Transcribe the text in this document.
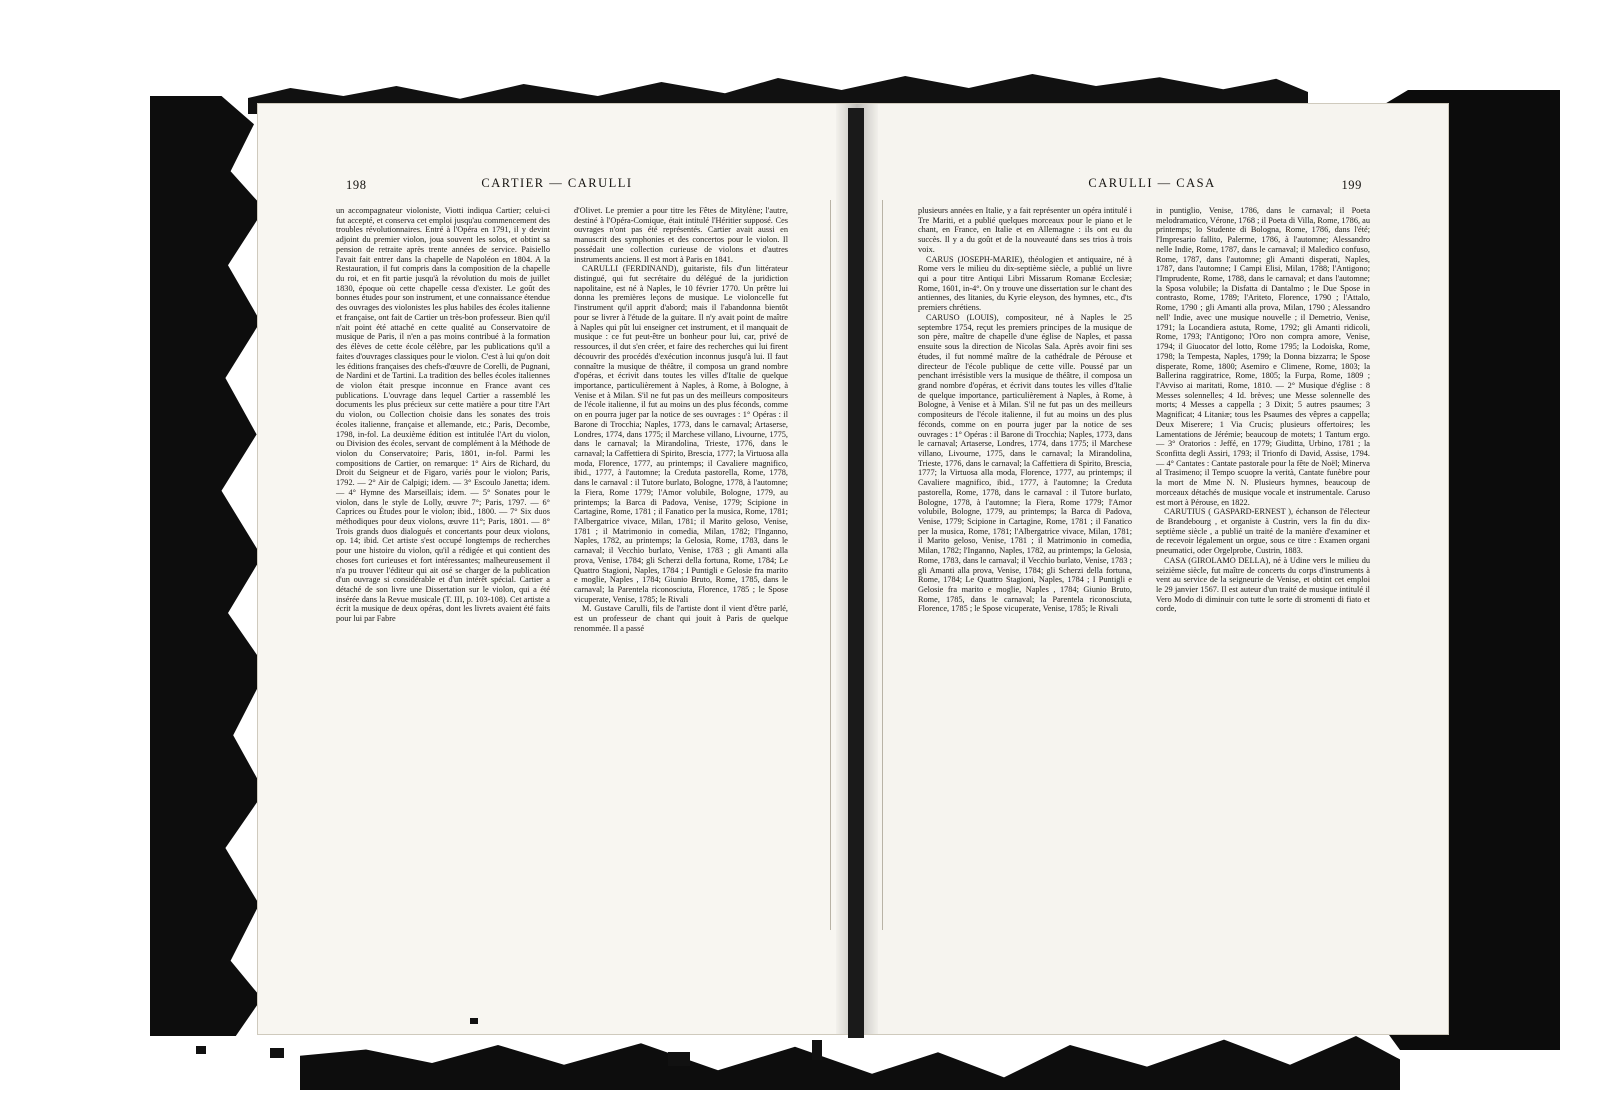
198	CARTIER — CARULLI	199
CARULLI — CASA

un accompagnateur violoniste, Viotti indiqua Cartier; celui-ci fut accepté, et conserva cet emploi jusqu'au commencement des troubles révolutionnaires. Entré à l'Opéra en 1791, il y devint adjoint du premier violon, joua souvent les solos, et obtint sa pension de retraite après trente années de service. Paisiello l'avait fait entrer dans la chapelle de Napoléon en 1804. A la Restauration, il fut compris dans la composition de la chapelle du roi, et en fit partie jusqu'à la révolution du mois de juillet 1830, époque où cette chapelle cessa d'exister. Le goût des bonnes études pour son instrument, et une connaissance étendue des ouvrages des violonistes les plus habiles des écoles italienne et française, ont fait de Cartier un très-bon professeur. Bien qu'il n'ait point été attaché en cette qualité au Conservatoire de musique de Paris, il n'en a pas moins contribué à la formation des élèves de cette école célèbre, par les publications qu'il a faites d'ouvrages classiques pour le violon. C'est à lui qu'on doit les éditions françaises des chefs-d'œuvre de Corelli, de Pugnani, de Nardini et de Tartini. La tradition des belles écoles italiennes de violon était presque inconnue en France avant ces publications. L'ouvrage dans lequel Cartier a rassemblé les documents les plus précieux sur cette matière a pour titre l'Art du violon, ou Collection choisie dans les sonates des trois écoles italienne, française et allemande, etc.; Paris, Decombe, 1798, in-fol. La deuxième édition est intitulée l'Art du violon, ou Division des écoles, servant de complément à la Méthode de violon du Conservatoire; Paris, 1801, in-fol. Parmi les compositions de Cartier, on remarque: 1° Airs de Richard, du Droit du Seigneur et de Figaro, variés pour le violon; Paris, 1792. — 2° Air de Calpigi; idem. — 3° Escoulo Janetta; idem. — 4° Hymne des Marseillais; idem. — 5° Sonates pour le violon, dans le style de Lolly, œuvre 7°; Paris, 1797. — 6° Caprices ou Études pour le violon; ibid., 1800. — 7° Six duos méthodiques pour deux violons, œuvre 11°; Paris, 1801. — 8° Trois grands duos dialogués et concertants pour deux violons, op. 14; ibid. Cet artiste s'est occupé longtemps de recherches pour une histoire du violon, qu'il a rédigée et qui contient des choses fort curieuses et fort intéressantes; malheureusement il n'a pu trouver l'éditeur qui ait osé se charger de la publication d'un ouvrage si considérable et d'un intérêt spécial. Cartier a détaché de son livre une Dissertation sur le violon, qui a été insérée dans la Revue musicale (T. III, p. 103-108). Cet artiste a écrit la musique de deux opéras, dont les livrets avaient été faits pour lui par Fabre

d'Olivet. Le premier a pour titre les Fêtes de Mitylène; l'autre, destiné à l'Opéra-Comique, était intitulé l'Héritier supposé. Ces ouvrages n'ont pas été représentés. Cartier avait aussi en manuscrit des symphonies et des concertos pour le violon. Il possédait une collection curieuse de violons et d'autres instruments anciens. Il est mort à Paris en 1841.

CARULLI (FERDINAND), guitariste, fils d'un littérateur distingué, qui fut secrétaire du délégué de la juridiction napolitaine, est né à Naples, le 10 février 1770. Un prêtre lui donna les premières leçons de musique. Le violoncelle fut l'instrument qu'il apprit d'abord; mais il l'abandonna bientôt pour se livrer à l'étude de la guitare. Il n'y avait point de maître à Naples qui pût lui enseigner cet instrument, et il manquait de musique : ce fut peut-être un bonheur pour lui, car, privé de ressources, il dut s'en créer, et faire des recherches qui lui firent découvrir des procédés d'exécution inconnus jusqu'à lui. Il faut connaître la musique de théâtre, il composa un grand nombre d'opéras, et écrivit dans toutes les villes d'Italie de quelque importance, particulièrement à Naples, à Rome, à Bologne, à Venise et à Milan. S'il ne fut pas un des meilleurs compositeurs de l'école italienne, il fut au moins un des plus féconds, comme on en pourra juger par la notice de ses ouvrages : 1° Opéras : il Barone di Trocchia; Naples, 1773, dans le carnaval; Artaserse, Londres, 1774, dans 1775; il Marchese villano, Livourne, 1775, dans le carnaval; la Mirandolina, Trieste, 1776, dans le carnaval; la Caffettiera di Spirito, Brescia, 1777; la Virtuosa alla moda, Florence, 1777, au printemps; il Cavaliere magnifico, ibid., 1777, à l'automne; la Creduta pastorella, Rome, 1778, dans le carnaval : il Tutore burlato, Bologne, 1778, à l'automne; la Fiera, Rome 1779; l'Amor volubile, Bologne, 1779, au printemps; la Barca di Padova, Venise, 1779; Scipione in Cartagine, Rome, 1781 ; il Fanatico per la musica, Rome, 1781; l'Albergatrice vivace, Milan, 1781; il Marito geloso, Venise, 1781 ; il Matrimonio in comedia, Milan, 1782; l'Inganno, Naples, 1782, au printemps; la Gelosia, Rome, 1783, dans le carnaval; il Vecchio burlato, Venise, 1783 ; gli Amanti alla prova, Venise, 1784; gli Scherzi della fortuna, Rome, 1784; Le Quattro Stagioni, Naples, 1784 ; I Puntigli e Gelosie fra marito e moglie, Naples , 1784; Giunio Bruto, Rome, 1785, dans le carnaval; la Parentela riconosciuta, Florence, 1785 ; le Spose vicuperate, Venise, 1785; le Rivali

M. Gustave Carulli, fils de l'artiste dont il vient d'être parlé, est un professeur de chant qui jouit à Paris de quelque renommée. Il a passé

plusieurs années en Italie, y a fait représenter un opéra intitulé i Tre Mariti, et a publié quelques morceaux pour le piano et le chant, en France, en Italie et en Allemagne : ils ont eu du succès. Il y a du goût et de la nouveauté dans ses trios à trois voix.

CARUS (JOSEPH-MARIE), théologien et antiquaire, né à Rome vers le milieu du dix-septième siècle, a publié un livre qui a pour titre Antiqui Libri Missarum Romanæ Ecclesiæ; Rome, 1601, in-4°. On y trouve une dissertation sur le chant des antiennes, des litanies, du Kyrie eleyson, des hymnes, etc., d'ts premiers chrétiens.

CARUSO (LOUIS), compositeur, né à Naples le 25 septembre 1754, reçut les premiers principes de la musique de son père, maître de chapelle d'une église de Naples, et passa ensuite sous la direction de Nicolas Sala. Après avoir fini ses études, il fut nommé maître de la cathédrale de Pérouse et directeur de l'école publique de cette ville. Poussé par un penchant irrésistible vers la musique de théâtre, il composa un grand nombre d'opéras, et écrivit dans toutes les villes d'Italie de quelque importance, particulièrement à Naples, à Rome, à Bologne, à Venise et à Milan. S'il ne fut pas un des meilleurs compositeurs de l'école italienne, il fut au moins un des plus féconds, comme on en pourra juger par la notice de ses ouvrages : 1° Opéras : il Barone di Trocchia; Naples, 1773, dans le carnaval; Artaserse, Londres, 1774, dans 1775; il Marchese villano, Livourne, 1775, dans le carnaval; la Mirandolina, Trieste, 1776, dans le carnaval; la Caffettiera di Spirito, Brescia, 1777; la Virtuosa alla moda, Florence, 1777, au printemps; il Cavaliere magnifico, ibid., 1777, à l'automne; la Creduta pastorella, Rome, 1778, dans le carnaval : il Tutore burlato, Bologne, 1778, à l'automne; la Fiera, Rome 1779; l'Amor volubile, Bologne, 1779, au printemps; la Barca di Padova, Venise, 1779; Scipione in Cartagine, Rome, 1781 ; il Fanatico per la musica, Rome, 1781; l'Albergatrice vivace, Milan, 1781; il Marito geloso, Venise, 1781 ; il Matrimonio in comedia, Milan, 1782; l'Inganno, Naples, 1782, au printemps; la Gelosia, Rome, 1783, dans le carnaval; il Vecchio burlato, Venise, 1783 ; gli Amanti alla prova, Venise, 1784; gli Scherzi della fortuna, Rome, 1784; Le Quattro Stagioni, Naples, 1784 ; I Puntigli e Gelosie fra marito e moglie, Naples , 1784; Giunio Bruto, Rome, 1785, dans le carnaval; la Parentela riconosciuta, Florence, 1785 ; le Spose vicuperate, Venise, 1785; le Rivali

in puntiglio, Venise, 1786, dans le carnaval; il Poeta melodramatico, Vérone, 1768 ; il Poeta di Villa, Rome, 1786, au printemps; lo Studente di Bologna, Rome, 1786, dans l'été; l'Impresario fallito, Palerme, 1786, à l'automne; Alessandro nelle Indie, Rome, 1787, dans le carnaval; il Maledico confuso, Rome, 1787, dans l'automne; gli Amanti disperati, Naples, 1787, dans l'automne; I Campi Elisi, Milan, 1788; l'Antigono; l'Imprudente, Rome, 1788, dans le carnaval; et dans l'automne; la Sposa volubile; la Disfatta di Dantalmo ; le Due Spose in contrasto, Rome, 1789; l'Ariteto, Florence, 1790 ; l'Attalo, Rome, 1790 ; gli Amanti alla prova, Milan, 1790 ; Alessandro nell' Indie, avec une musique nouvelle ; il Demetrio, Venise, 1791; la Locandiera astuta, Rome, 1792; gli Amanti ridicoli, Rome, 1793; l'Antigono; l'Oro non compra amore, Venise, 1794; il Giuocator del lotto, Rome 1795; la Lodoiska, Rome, 1798; la Tempesta, Naples, 1799; la Donna bizzarra; le Spose disperate, Rome, 1800; Asemiro e Climene, Rome, 1803; la Ballerina raggiratrice, Rome, 1805; la Furpa, Rome, 1809 ; l'Avviso ai maritati, Rome, 1810. — 2° Musique d'église : 8 Messes solennelles; 4 Id. brèves; une Messe solennelle des morts; 4 Messes a cappella ; 3 Dixit; 5 autres psaumes; 3 Magnificat; 4 Litaniæ; tous les Psaumes des vêpres a cappella; Deux Miserere; 1 Via Crucis; plusieurs offertoires; les Lamentations de Jérémie; beaucoup de motets; 1 Tantum ergo. — 3° Oratorios : Jeffé, en 1779; Giuditta, Urbino, 1781 ; la Sconfitta degli Assiri, 1793; il Trionfo di David, Assise, 1794. — 4° Cantates : Cantate pastorale pour la fête de Noël; Minerva al Trasimeno; il Tempo scuopre la verità, Cantate funèbre pour la mort de Mme N. N. Plusieurs hymnes, beaucoup de morceaux détachés de musique vocale et instrumentale. Caruso est mort à Pérouse, en 1822.

CARUTIUS ( GASPARD-ERNEST ), échanson de l'électeur de Brandebourg , et organiste à Custrin, vers la fin du dix-septième siècle , a publié un traité de la manière d'examiner et de recevoir légalement un orgue, sous ce titre : Examen organi pneumatici, oder Orgelprobe, Custrin, 1883.

CASA (GIROLAMO DELLA), né à Udine vers le milieu du seizième siècle, fut maître de concerts du corps d'instruments à vent au service de la seigneurie de Venise, et obtint cet emploi le 29 janvier 1567. Il est auteur d'un traité de musique intitulé il Vero Modo di diminuir con tutte le sorte di stromenti di fiato et corde,
